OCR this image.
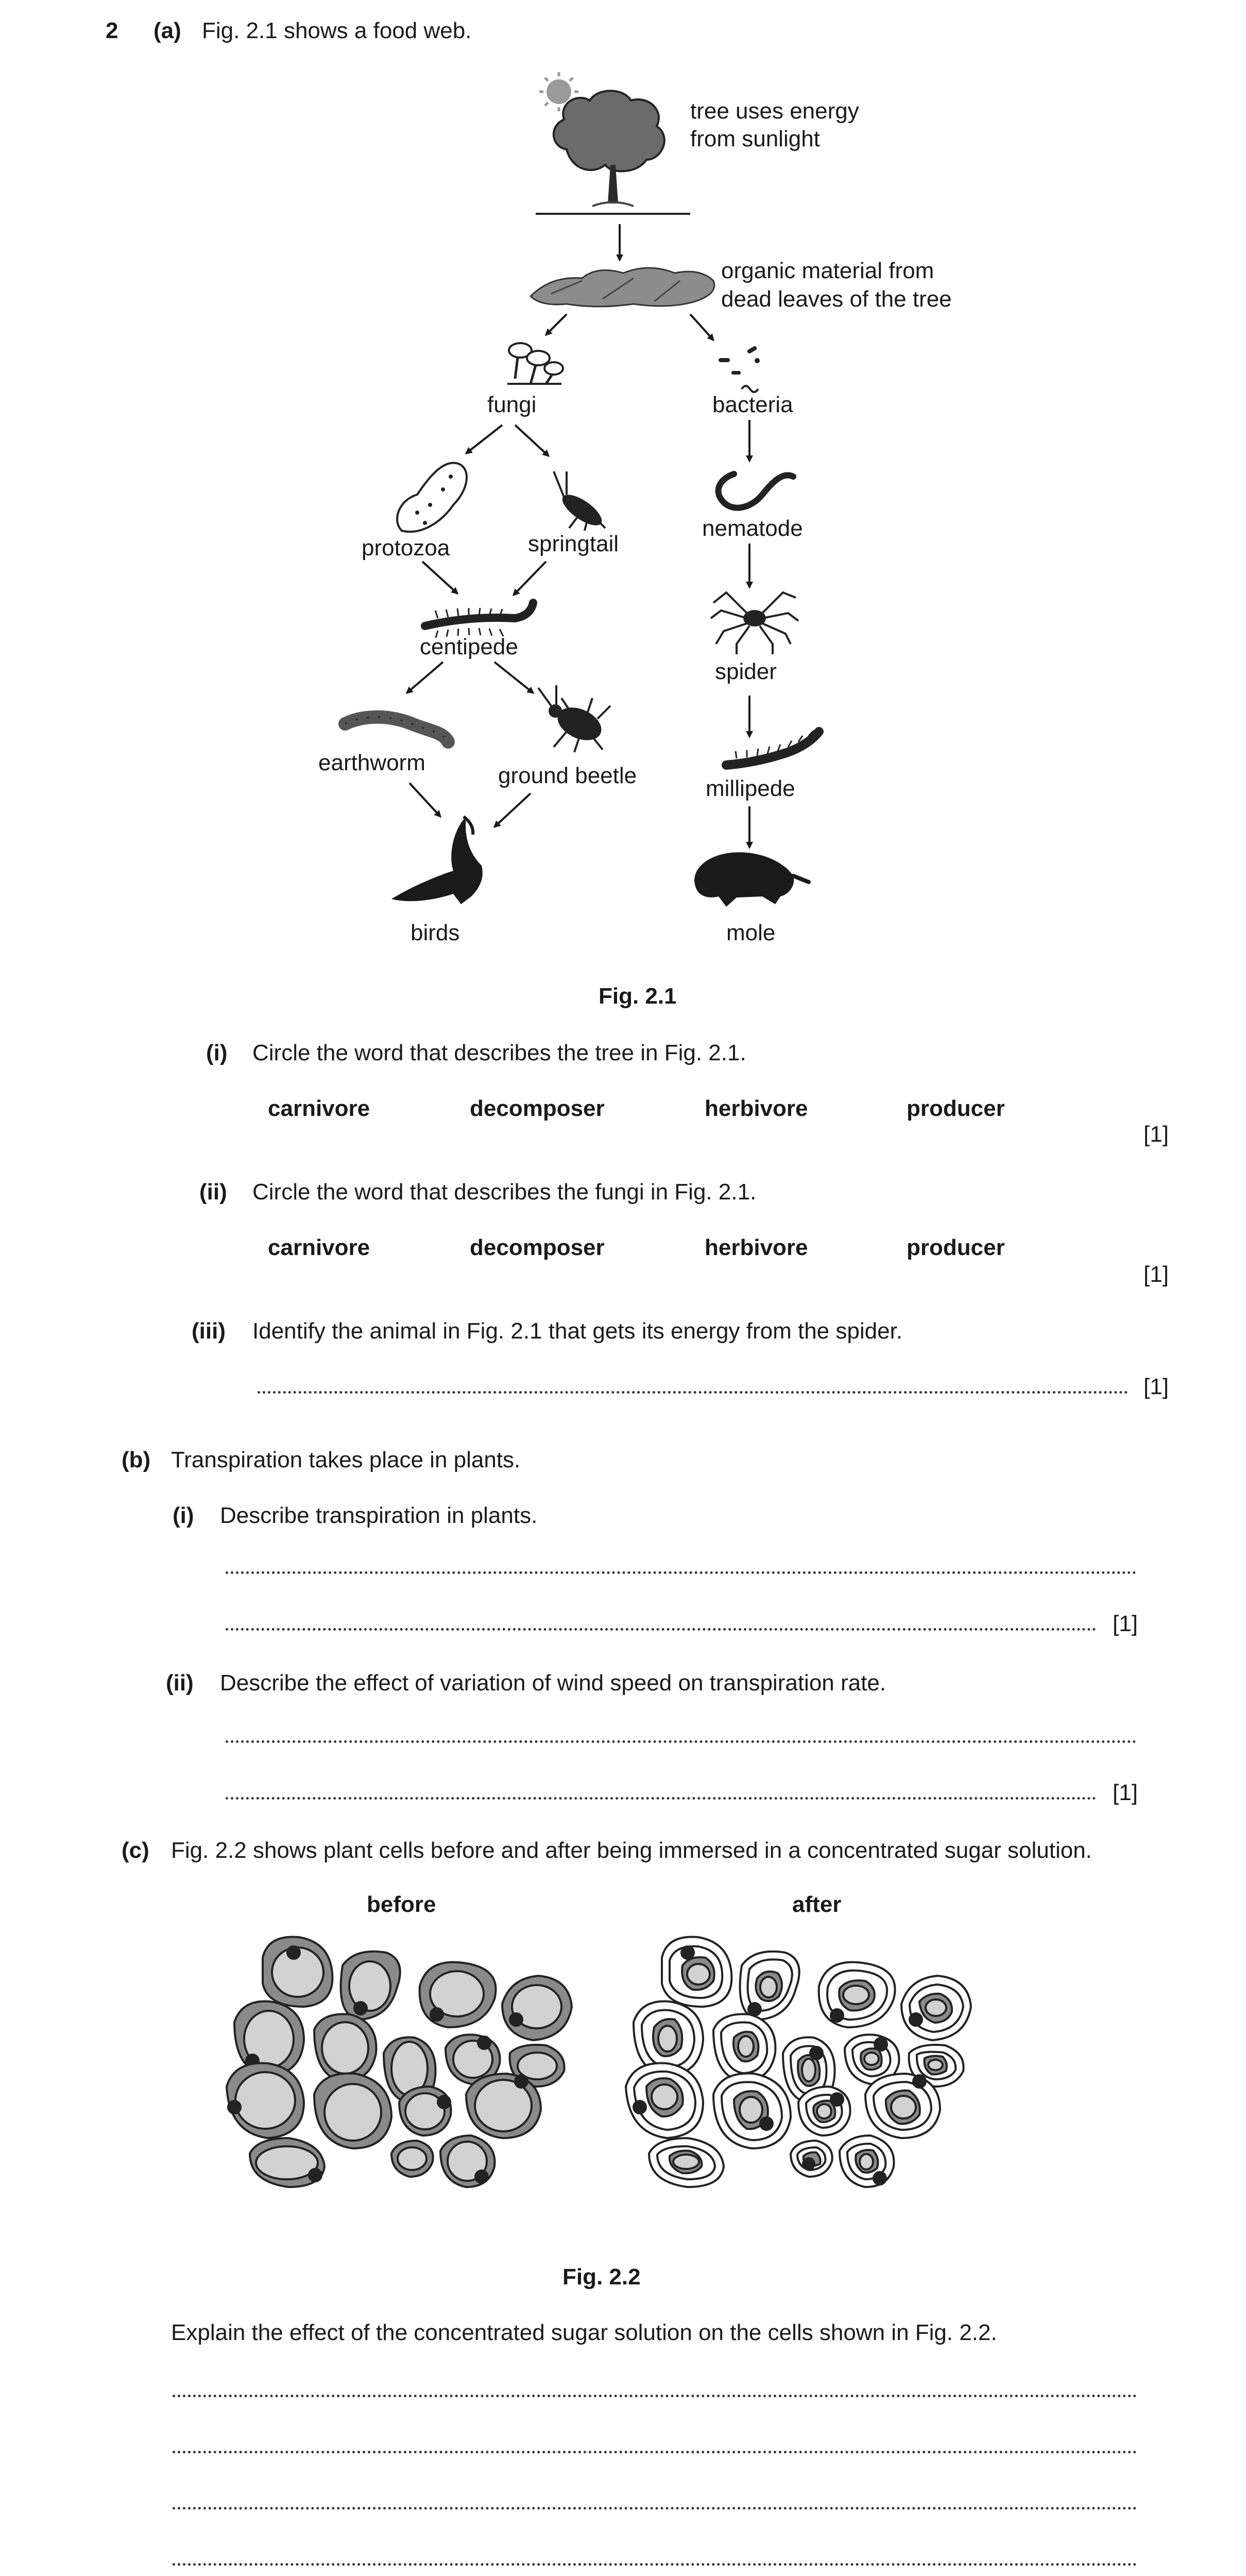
2 (a) Fig. 2.1 shows a food web.
tree uses energy
from sunlight
organic material from
dead leaves of the tree
fungi	bacteria
protozoa	springtail
nematode
centipede
spider
earthworm
ground beetle
millipede
birds	mole
Fig. 2.1
(i) Circle the word that describes the tree in Fig. 2.1.
carnivore	decomposer	herbivore	producer
[1]
(ii) Circle the word that describes the fungi in Fig. 2.1.
carnivore	decomposer	herbivore	producer
[1]
(iii) Identify the animal in Fig. 2.1 that gets its energy from the spider.
[1]
(b) Transpiration takes place in plants.
(i) Describe transpiration in plants.
[1]
(ii) Describe the effect of variation of wind speed on transpiration rate.
[1]
(c) Fig. 2.2 shows plant cells before and after being immersed in a concentrated sugar solution.
before	after
Fig. 2.2
Explain the effect of the concentrated sugar solution on the cells shown in Fig. 2.2.
